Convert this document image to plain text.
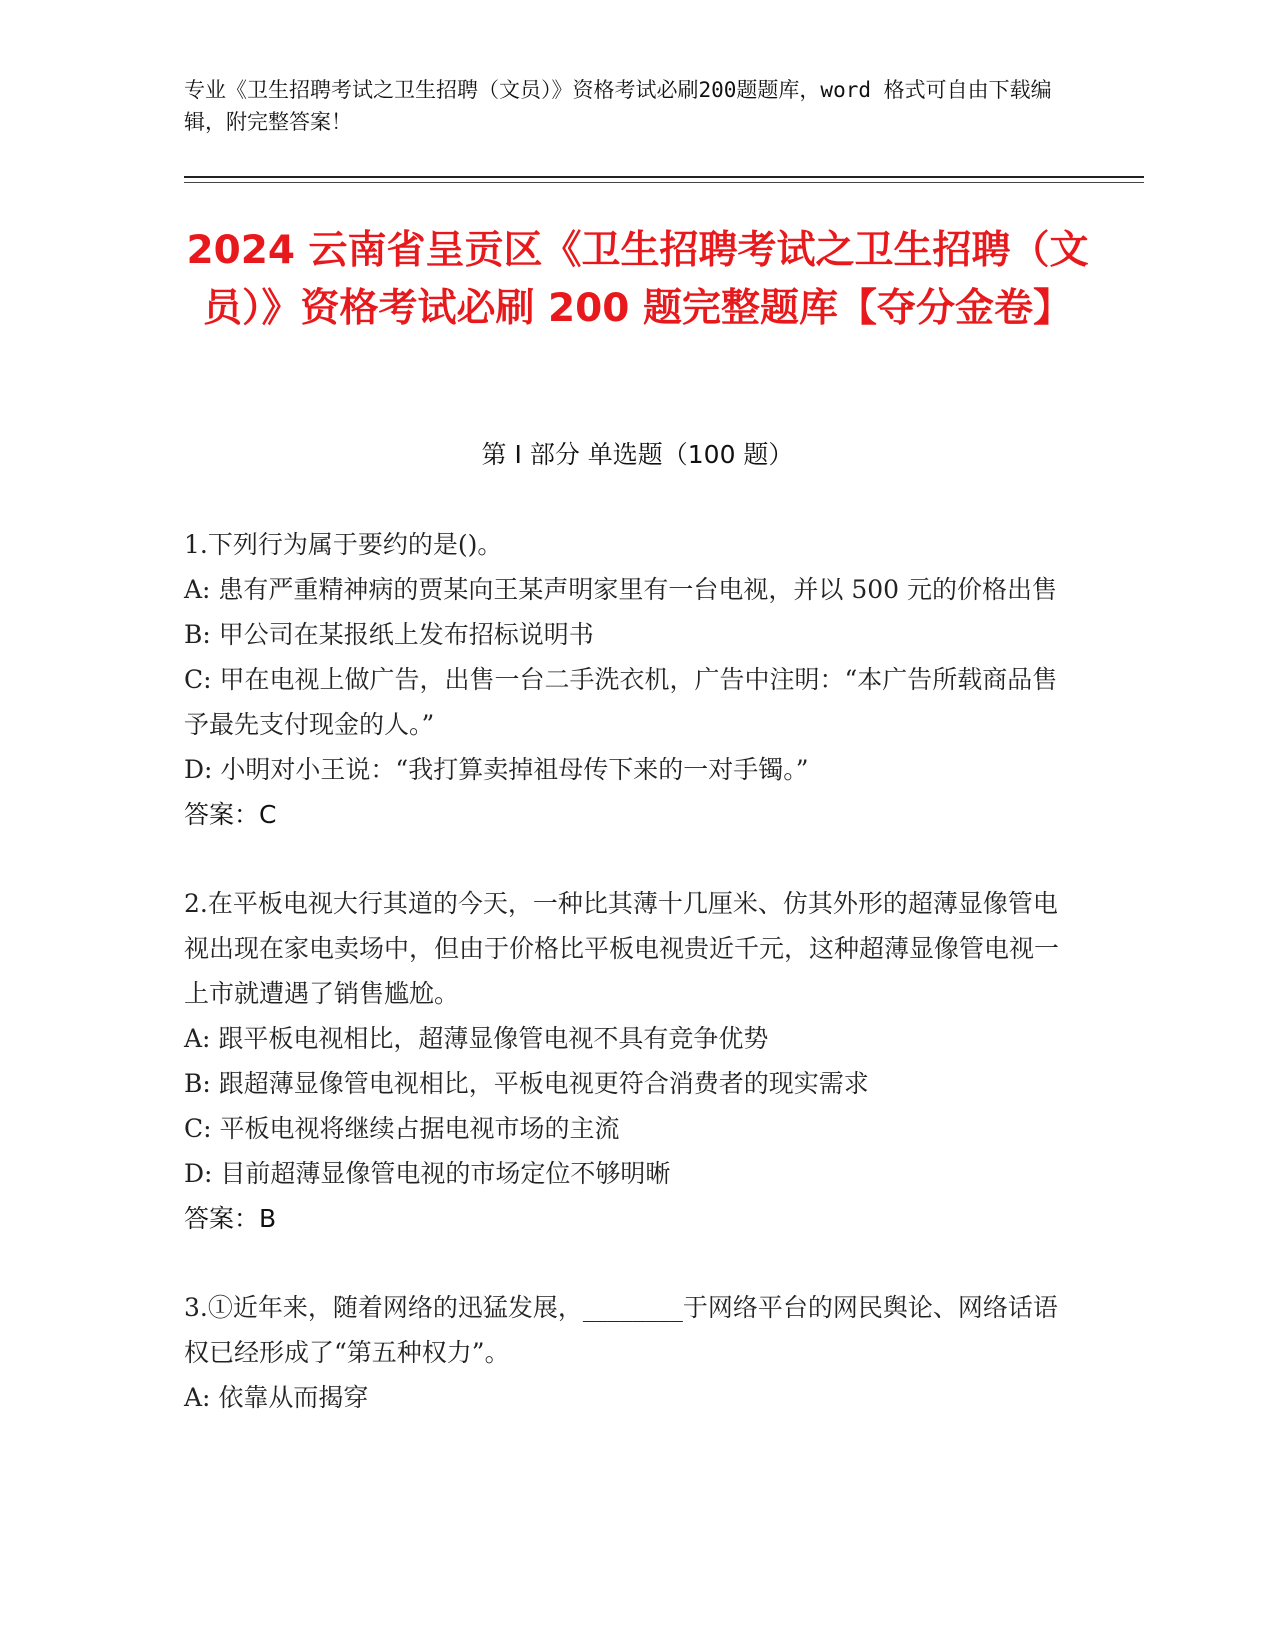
专业《卫生招聘考试之卫生招聘（文员）》资格考试必刷200题题库，word 格式可自由下载编辑，附完整答案！
2024 云南省呈贡区《卫生招聘考试之卫生招聘（文员）》资格考试必刷 200 题完整题库【夺分金卷】
第 I 部分 单选题（100 题）

1.下列行为属于要约的是()。

A: 患有严重精神病的贾某向王某声明家里有一台电视，并以 500 元的价格出售

B: 甲公司在某报纸上发布招标说明书

C: 甲在电视上做广告，出售一台二手洗衣机，广告中注明：“本广告所载商品售予最先支付现金的人。”

D: 小明对小王说：“我打算卖掉祖母传下来的一对手镯。”

答案：C

2.在平板电视大行其道的今天，一种比其薄十几厘米、仿其外形的超薄显像管电视出现在家电卖场中，但由于价格比平板电视贵近千元，这种超薄显像管电视一上市就遭遇了销售尴尬。

A: 跟平板电视相比，超薄显像管电视不具有竞争优势

B: 跟超薄显像管电视相比，平板电视更符合消费者的现实需求

C: 平板电视将继续占据电视市场的主流

D: 目前超薄显像管电视的市场定位不够明晰

答案：B

3.①近年来，随着网络的迅猛发展，________于网络平台的网民舆论、网络话语权已经形成了“第五种权力”。

A: 依靠从而揭穿
